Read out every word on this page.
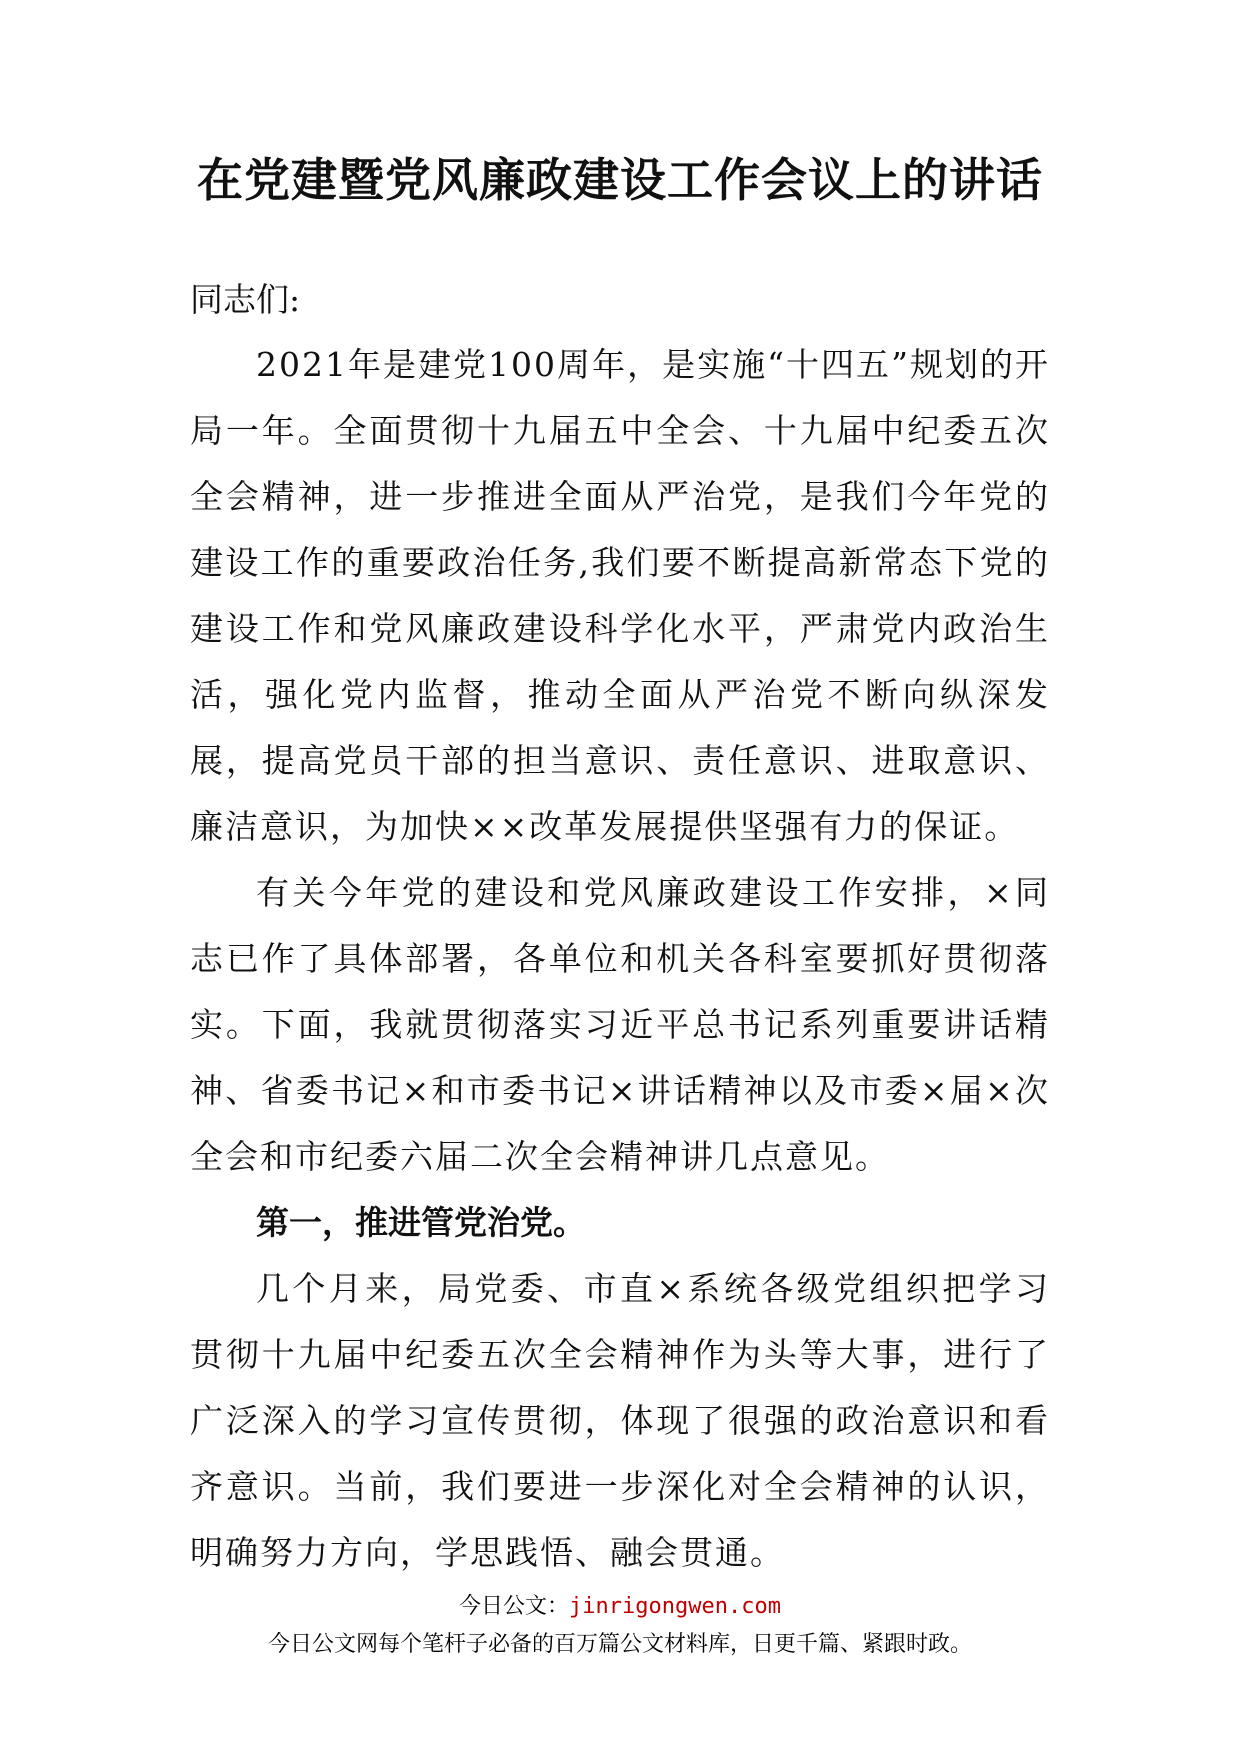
在党建暨党风廉政建设工作会议上的讲话

同志们:

2021年是建党100周年，是实施“十四五”规划的开局一年。全面贯彻十九届五中全会、十九届中纪委五次全会精神，进一步推进全面从严治党，是我们今年党的建设工作的重要政治任务,我们要不断提高新常态下党的建设工作和党风廉政建设科学化水平，严肃党内政治生活，强化党内监督，推动全面从严治党不断向纵深发展，提高党员干部的担当意识、责任意识、进取意识、廉洁意识，为加快××改革发展提供坚强有力的保证。

有关今年党的建设和党风廉政建设工作安排，×同志已作了具体部署，各单位和机关各科室要抓好贯彻落实。下面，我就贯彻落实习近平总书记系列重要讲话精神、省委书记×和市委书记×讲话精神以及市委×届×次全会和市纪委六届二次全会精神讲几点意见。

第一，推进管党治党。

几个月来，局党委、市直×系统各级党组织把学习贯彻十九届中纪委五次全会精神作为头等大事，进行了广泛深入的学习宣传贯彻，体现了很强的政治意识和看齐意识。当前，我们要进一步深化对全会精神的认识，明确努力方向，学思践悟、融会贯通。

今日公文：jinrigongwen.com
今日公文网每个笔杆子必备的百万篇公文材料库，日更千篇、紧跟时政。
